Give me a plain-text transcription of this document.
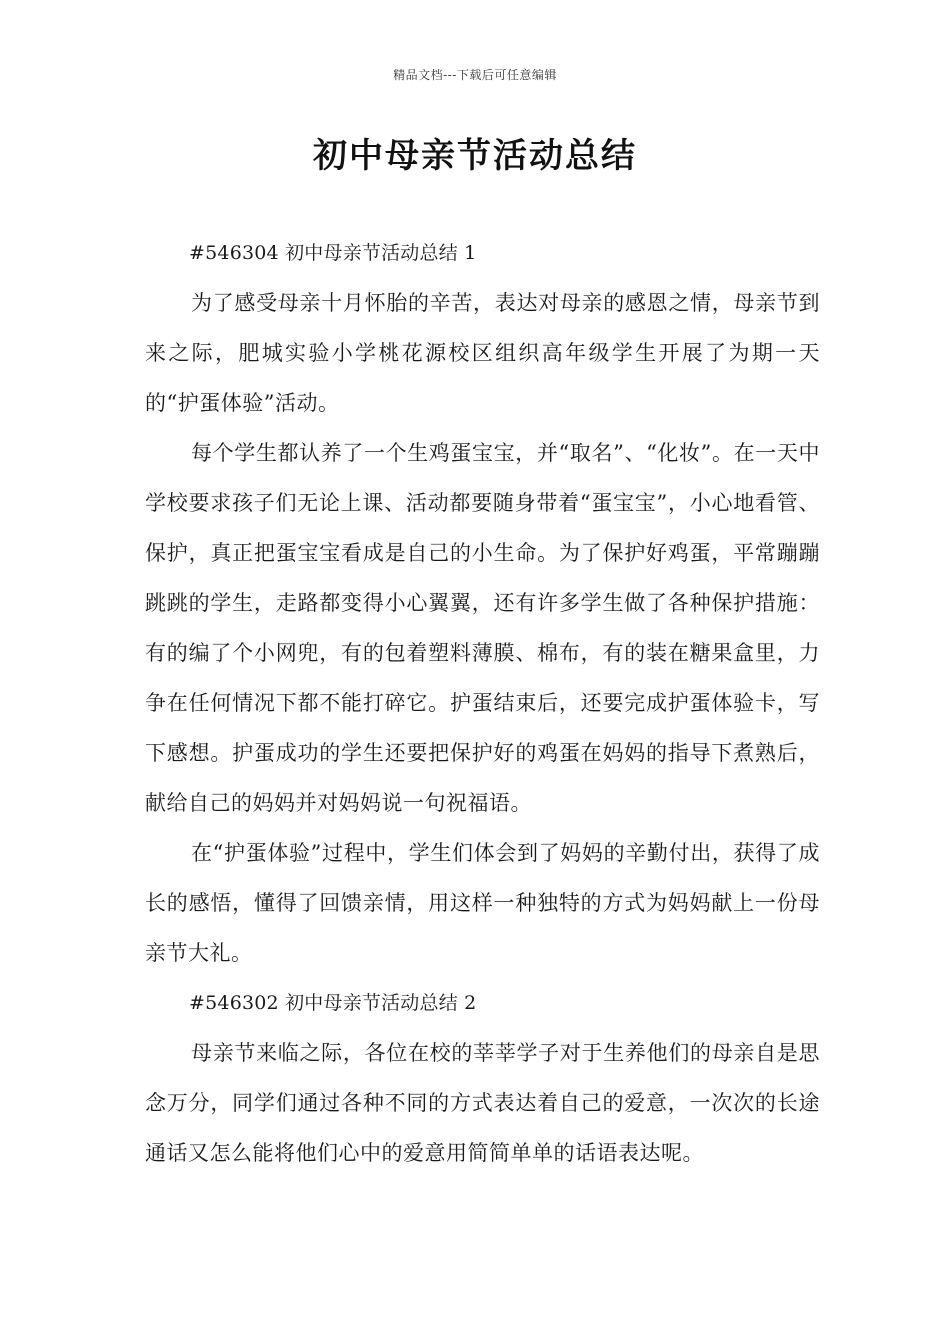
精品文档---下载后可任意编辑
初中母亲节活动总结

#546304 初中母亲节活动总结 1

为了感受母亲十月怀胎的辛苦，表达对母亲的感恩之情，母亲节到来之际，肥城实验小学桃花源校区组织高年级学生开展了为期一天的“护蛋体验”活动。

每个学生都认养了一个生鸡蛋宝宝，并“取名”、“化妆”。在一天中学校要求孩子们无论上课、活动都要随身带着“蛋宝宝”，小心地看管、保护，真正把蛋宝宝看成是自己的小生命。为了保护好鸡蛋，平常蹦蹦跳跳的学生，走路都变得小心翼翼，还有许多学生做了各种保护措施：有的编了个小网兜，有的包着塑料薄膜、棉布，有的装在糖果盒里，力争在任何情况下都不能打碎它。护蛋结束后，还要完成护蛋体验卡，写下感想。护蛋成功的学生还要把保护好的鸡蛋在妈妈的指导下煮熟后，献给自己的妈妈并对妈妈说一句祝福语。

在“护蛋体验”过程中，学生们体会到了妈妈的辛勤付出，获得了成长的感悟，懂得了回馈亲情，用这样一种独特的方式为妈妈献上一份母亲节大礼。

#546302 初中母亲节活动总结 2

母亲节来临之际，各位在校的莘莘学子对于生养他们的母亲自是思念万分，同学们通过各种不同的方式表达着自己的爱意，一次次的长途通话又怎么能将他们心中的爱意用简简单单的话语表达呢。
